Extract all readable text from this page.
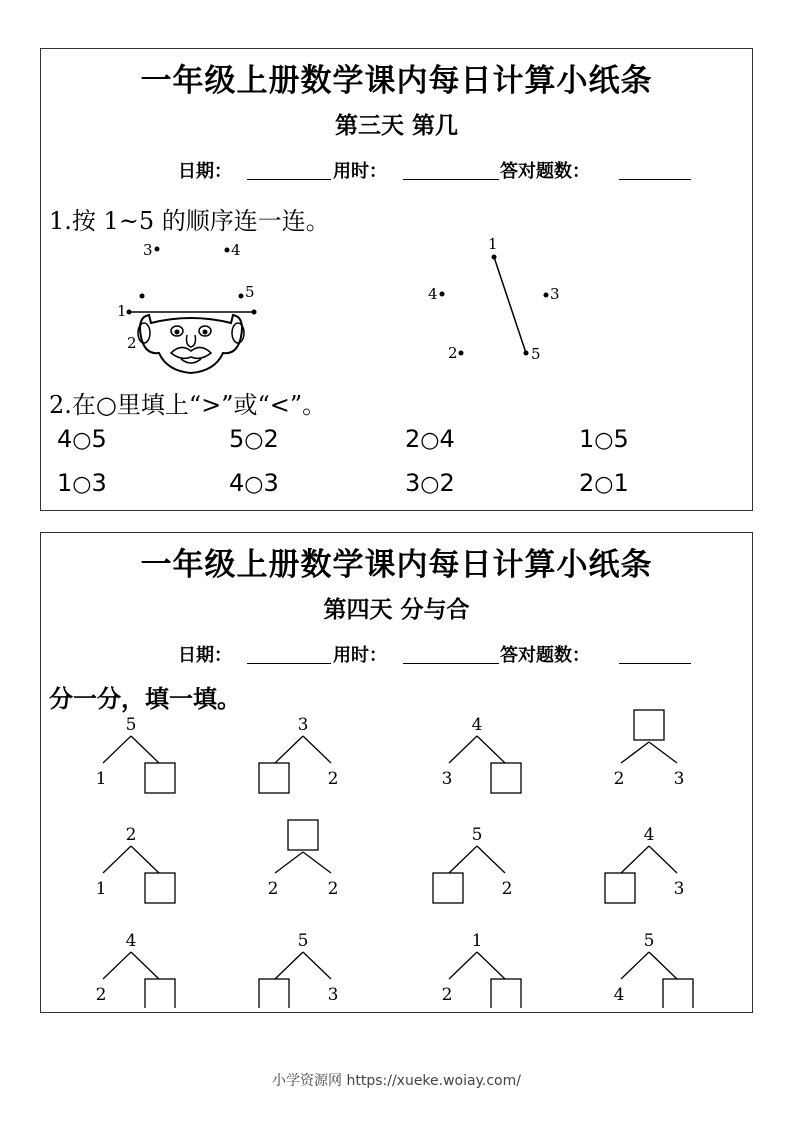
一年级上册数学课内每日计算小纸条
第三天 第几
日期：	用时：	答对题数：
1.按 1~5 的顺序连一连。
1
2
3	4
5
1
2
3
4
5
2.在○里填上“>”或“<”。
4○5	5○2	2○4	1○5
1○3	4○3	3○2	2○1
一年级上册数学课内每日计算小纸条
第四天 分与合
日期：	用时：	答对题数：
分一分，填一填。
5
1
3
2
4
3	2	3
2
1	2	2
5
2
4
3
4
2
5
3
1
2
5
4
小学资源网 https://xueke.woiay.com/
